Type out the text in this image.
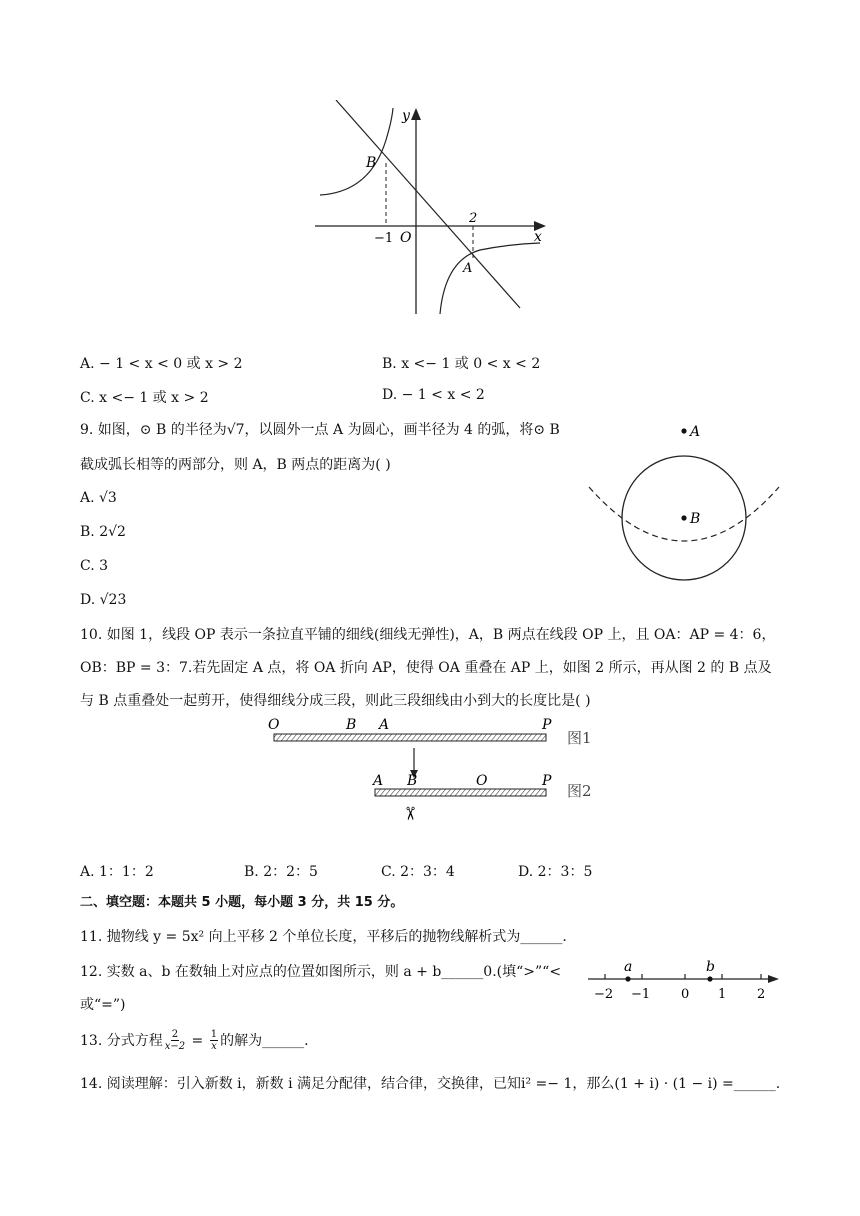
y
x
O
B
A
−1
2
A. − 1 < x < 0 或 x > 2	B. x <− 1 或 0 < x < 2
C. x <− 1 或 x > 2	D. − 1 < x < 2
9. 如图，⊙ B 的半径为√7，以圆外一点 A 为圆心，画半径为 4 的弧，将⊙ B
截成弧长相等的两部分，则 A，B 两点的距离为( )
A. √3
B. 2√2
C. 3
D. √23
A
B
10. 如图 1，线段 OP 表示一条拉直平铺的细线(细线无弹性)，A，B 两点在线段 OP 上，且 OA：AP = 4：6，
OB：BP = 3：7.若先固定 A 点，将 OA 折向 AP，使得 OA 重叠在 AP 上，如图 2 所示，再从图 2 的 B 点及
与 B 点重叠处一起剪开，使得细线分成三段，则此三段细线由小到大的长度比是( )
O	B A	P
图1
A B	O	P
图2
✂
A. 1：1：2	B. 2：2：5	C. 2：3：4	D. 2：3：5
二、填空题：本题共 5 小题，每小题 3 分，共 15 分。
11. 抛物线 y = 5x² 向上平移 2 个单位长度，平移后的抛物线解析式为______.
12. 实数 a、b 在数轴上对应点的位置如图所示，则 a + b______0.(填“>”“<
或“=”)
a	b
−2 −1 0 1 2
13. 分式方程 $\frac{2}{x-2} = \frac{1}{x}$ 的解为______.
14. 阅读理解：引入新数 i，新数 i 满足分配律，结合律，交换律，已知i² =− 1，那么(1 + i) · (1 − i) =______.
